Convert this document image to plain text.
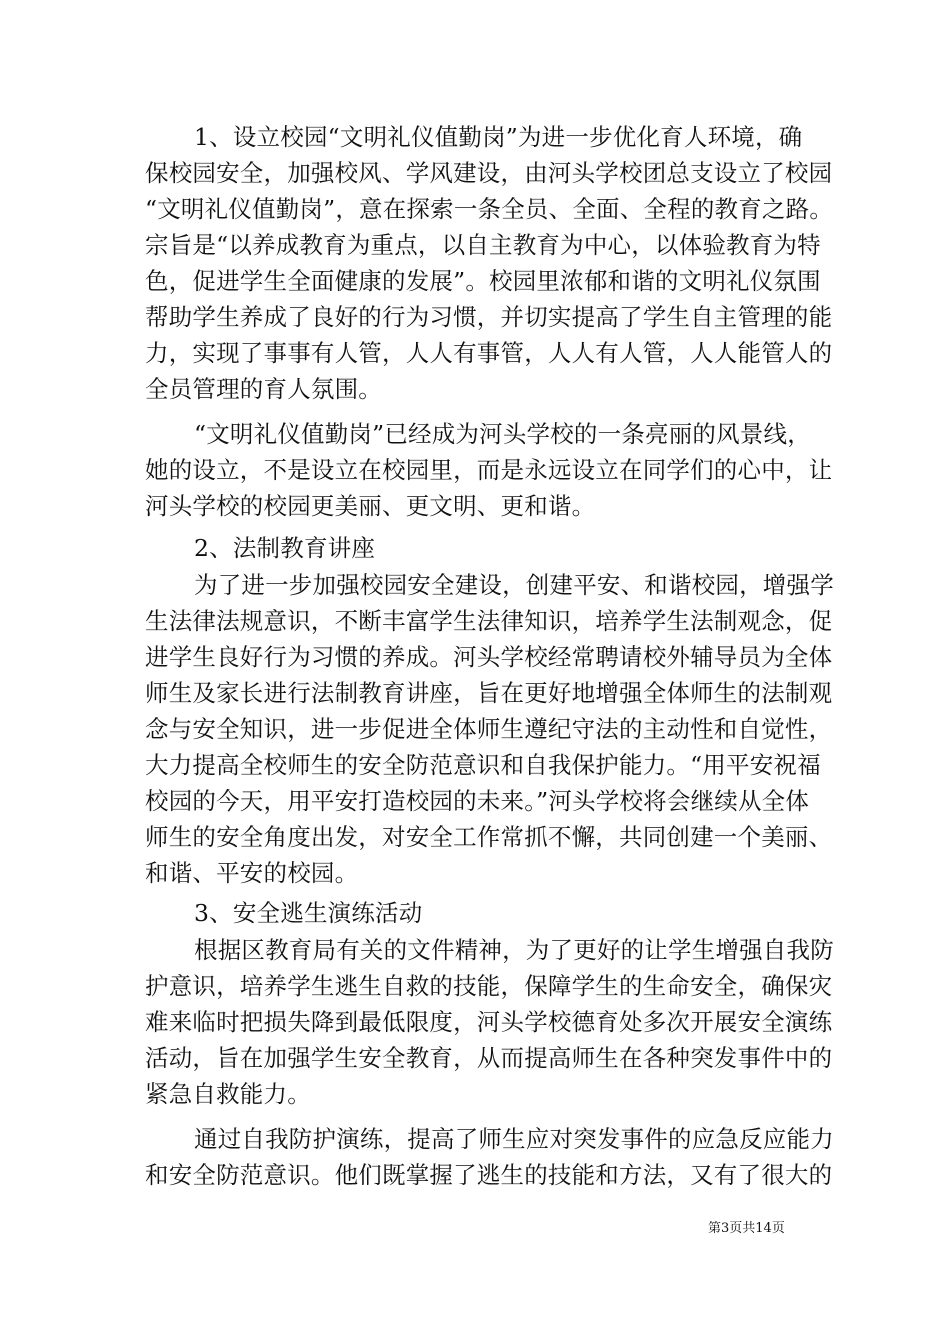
1、设立校园“文明礼仪值勤岗”为进一步优化育人环境，确
保校园安全，加强校风、学风建设，由河头学校团总支设立了校园
“文明礼仪值勤岗”，意在探索一条全员、全面、全程的教育之路。
宗旨是“以养成教育为重点，以自主教育为中心，以体验教育为特
色，促进学生全面健康的发展”。校园里浓郁和谐的文明礼仪氛围
帮助学生养成了良好的行为习惯，并切实提高了学生自主管理的能
力，实现了事事有人管，人人有事管，人人有人管，人人能管人的
全员管理的育人氛围。
“文明礼仪值勤岗”已经成为河头学校的一条亮丽的风景线，
她的设立，不是设立在校园里，而是永远设立在同学们的心中，让
河头学校的校园更美丽、更文明、更和谐。
2、法制教育讲座
为了进一步加强校园安全建设，创建平安、和谐校园，增强学
生法律法规意识，不断丰富学生法律知识，培养学生法制观念，促
进学生良好行为习惯的养成。河头学校经常聘请校外辅导员为全体
师生及家长进行法制教育讲座，旨在更好地增强全体师生的法制观
念与安全知识，进一步促进全体师生遵纪守法的主动性和自觉性，
大力提高全校师生的安全防范意识和自我保护能力。“用平安祝福
校园的今天，用平安打造校园的未来。”河头学校将会继续从全体
师生的安全角度出发，对安全工作常抓不懈，共同创建一个美丽、
和谐、平安的校园。
3、安全逃生演练活动
根据区教育局有关的文件精神，为了更好的让学生增强自我防
护意识，培养学生逃生自救的技能，保障学生的生命安全，确保灾
难来临时把损失降到最低限度，河头学校德育处多次开展安全演练
活动，旨在加强学生安全教育，从而提高师生在各种突发事件中的
紧急自救能力。
通过自我防护演练，提高了师生应对突发事件的应急反应能力
和安全防范意识。他们既掌握了逃生的技能和方法，又有了很大的
第3页共14页
